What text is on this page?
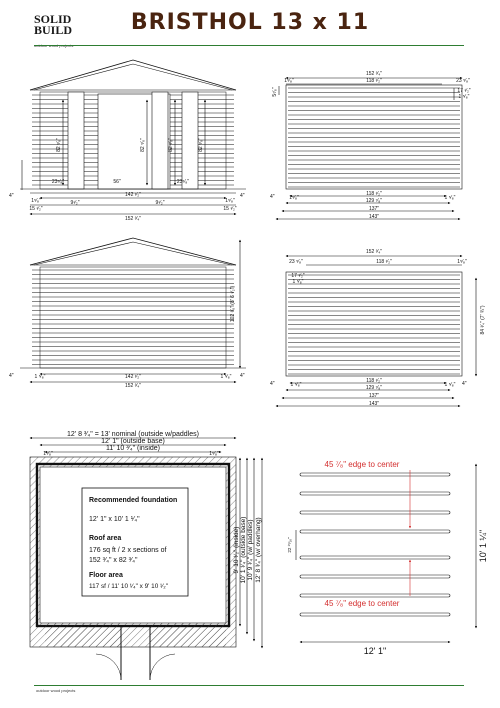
SOLID
BUILD	BRISTHOL 13 x 11
82 ⁵⁄₈"	82 ⁵⁄₈"	82 ⁵⁄₈"	82 ⁵⁄₈"
23⁵⁄₈"	56"	23⁵⁄₈"
142 ¹⁄₂"
1⁵⁄₈"	9¹⁄₂"	9¹⁄₂"	1⁵⁄₈"
15 ¹⁄₂"	15 ¹⁄₂"
152 ³⁄₄"
4"	4"
152 ³⁄₄"
1⁵⁄₈"	118 ¹⁄₂"	23 ⁵⁄₈"
17 ¹⁄₂"
1 ⁵⁄₈"
5⁷⁄₈"
4"	1⁵⁄₈"
118 ¹⁄₂"
1 ⁵⁄₈"
129 ⁷⁄₈"
137"
143"
102 ³⁄₈" (8' 6 ¹⁄₂")
1 ⁵⁄₈"	142 ¹⁄₂"	1 ⁵⁄₈"
152 ³⁄₄"
4"	4"
152 ³⁄₄"
23 ⁵⁄₈"	118 ¹⁄₂"	1⁵⁄₈"
17 ¹⁄₂"
1 ⁵⁄₈"
84 ³⁄₄" (7' ¾")
4"	4"
1 ⁵⁄₈"
118 ¹⁄₂"
1 ⁵⁄₈"
129 ⁷⁄₈"
137"
143"
12' 8 ³⁄₄" = 13' nominal (outside w/paddles)
12' 1" (outside base)
11' 10 ³⁄₄" (inside)
1⁵⁄₈"	1⁵⁄₈"
9' 10 ¹⁄₂" (inside) 10' 1 ¹⁄₄" (outside base) 10' 9 ¹⁄₄" (w/ paddles) 12' 8 ³⁄₄" (w/ overhang)
Recommended foundation
12' 1" x 10' 1 ¹⁄₄"
Roof area
176 sq ft / 2 x sections of
152 ³⁄₄" x 82 ³⁄₄"
Floor area
117 sf / 11' 10 ¹⁄₄" x 9' 10 ¹⁄₂"
45 ⁷⁄₈" edge to center
45 ⁷⁄₈" edge to center
22 ¹⁵⁄₁₆"
12' 1"
10' 1 ¼"
outdoor wood projects
